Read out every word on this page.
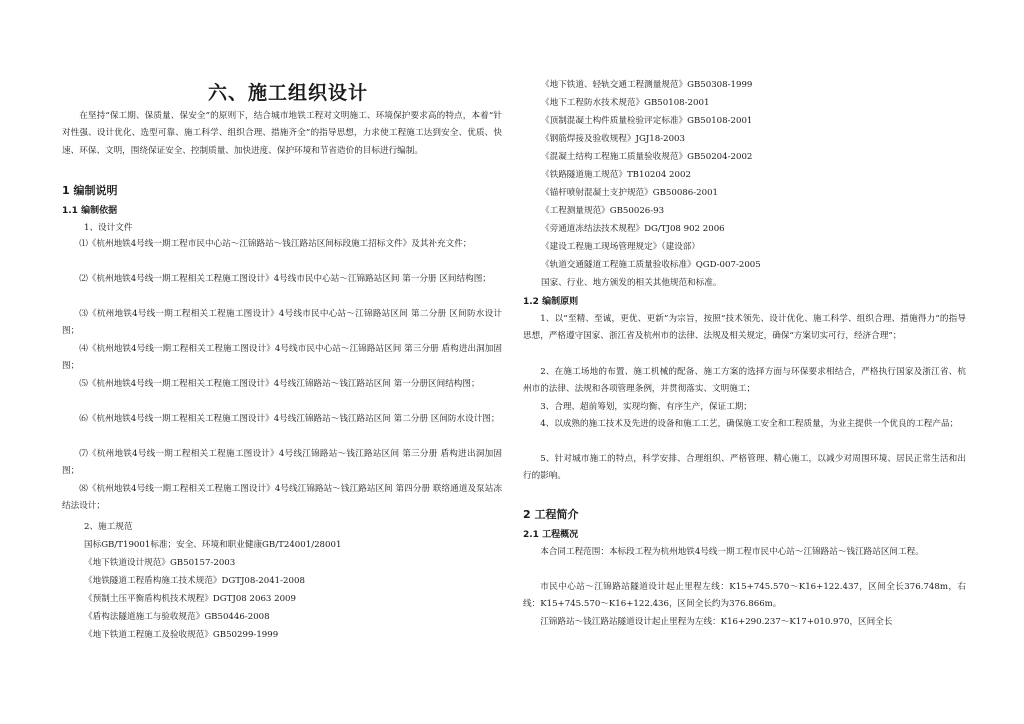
六、施工组织设计
在坚持“保工期、保质量、保安全”的原则下，结合城市地铁工程对文明施工、环境保护要求高的特点，本着“针对性强、设计优化、选型可靠、施工科学、组织合理、措施齐全”的指导思想，力求使工程施工达到安全、优质、快速、环保、文明，围绕保证安全、控制质量、加快进度、保护环境和节省造价的目标进行编制。
1 编制说明
1.1 编制依据
1、设计文件
⑴《杭州地铁4号线一期工程市民中心站～江锦路站～钱江路站区间标段施工招标文件》及其补充文件；
⑵《杭州地铁4号线一期工程相关工程施工图设计》4号线市民中心站～江锦路站区间 第一分册 区间结构图；
⑶《杭州地铁4号线一期工程相关工程施工图设计》4号线市民中心站～江锦路站区间 第二分册 区间防水设计图；
⑷《杭州地铁4号线一期工程相关工程施工图设计》4号线市民中心站～江锦路站区间 第三分册 盾构进出洞加固图；
⑸《杭州地铁4号线一期工程相关工程施工图设计》4号线江锦路站～钱江路站区间 第一分册区间结构图；
⑹《杭州地铁4号线一期工程相关工程施工图设计》4号线江锦路站～钱江路站区间 第二分册 区间防水设计图；
⑺《杭州地铁4号线一期工程相关工程施工图设计》4号线江锦路站～钱江路站区间 第三分册 盾构进出洞加固图；
⑻《杭州地铁4号线一期工程相关工程施工图设计》4号线江锦路站～钱江路站区间 第四分册 联络通道及泵站冻结法设计；
2、施工规范
国标GB/T19001标准；安全、环境和职业健康GB/T24001/28001
《地下铁道设计规范》GB50157-2003
《地铁隧道工程盾构施工技术规范》DGTJ08-2041-2008
《预制土压平衡盾构机技术规程》DGTJ08 2063 2009
《盾构法隧道施工与验收规范》GB50446-2008
《地下铁道工程施工及验收规范》GB50299-1999
《地下铁道、轻轨交通工程测量规范》GB50308-1999
《地下工程防水技术规范》GB50108-2001
《顶制混凝土构件质量检验评定标准》GB50108-2001
《钢筋焊接及验收规程》JGJ18-2003
《混凝土结构工程施工质量验收规范》GB50204-2002
《铁路隧道施工规范》TB10204 2002
《锚杆喷射混凝土支护规范》GB50086-2001
《工程测量规范》GB50026-93
《旁通道冻结法技术规程》DG/TJ08 902 2006
《建设工程施工现场管理规定》（建设部）
《轨道交通隧道工程施工质量验收标准》QGD-007-2005
国家、行业、地方颁发的相关其他规范和标准。
1.2 编制原则
1、以“至精、至诚，更优、更新”为宗旨，按照“技术领先、设计优化、施工科学、组织合理、措施得力”的指导思想，严格遵守国家、浙江省及杭州市的法律、法规及相关规定，确保“方案切实可行，经济合理”；
2、在施工场地的布置、施工机械的配备、施工方案的选择方面与环保要求相结合，严格执行国家及浙江省、杭州市的法律、法规和各项管理条例，并贯彻落实、文明施工；
3、合理、超前筹划，实现均衡、有序生产，保证工期；
4、以成熟的施工技术及先进的设备和施工工艺，确保施工安全和工程质量，为业主提供一个优良的工程产品；
5、针对城市施工的特点，科学安排、合理组织、严格管理、精心施工，以减少对周围环境、居民正常生活和出行的影响。
2 工程简介
2.1 工程概况
本合同工程范围：本标段工程为杭州地铁4号线一期工程市民中心站～江锦路站～钱江路站区间工程。
市民中心站～江锦路站隧道设计起止里程左线：K15+745.570～K16+122.437，区间全长376.748m，右线：K15+745.570～K16+122.436，区间全长约为376.866m。
江锦路站～钱江路站隧道设计起止里程为左线：K16+290.237～K17+010.970，区间全长
